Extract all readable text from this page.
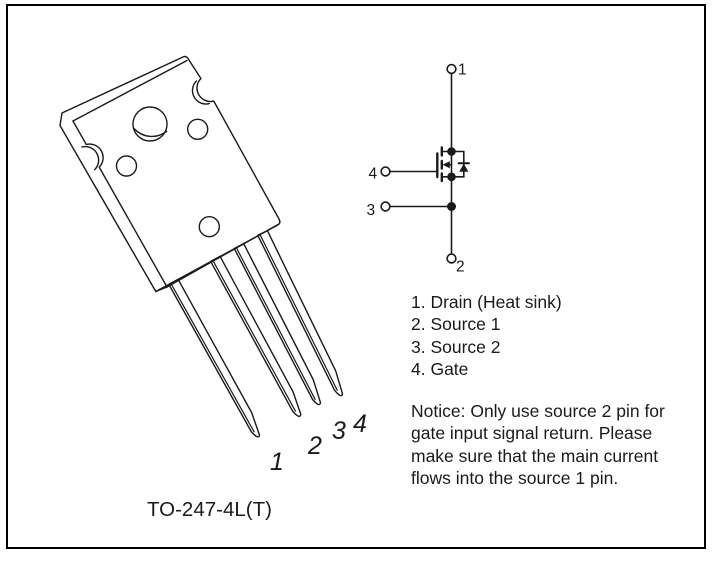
1
2
3 4
1
2
3
4
1. Drain (Heat sink)
2. Source 1
3. Source 2
4. Gate
Notice: Only use source 2 pin for
gate input signal return. Please
make sure that the main current
flows into the source 1 pin.
TO-247-4L(T)
